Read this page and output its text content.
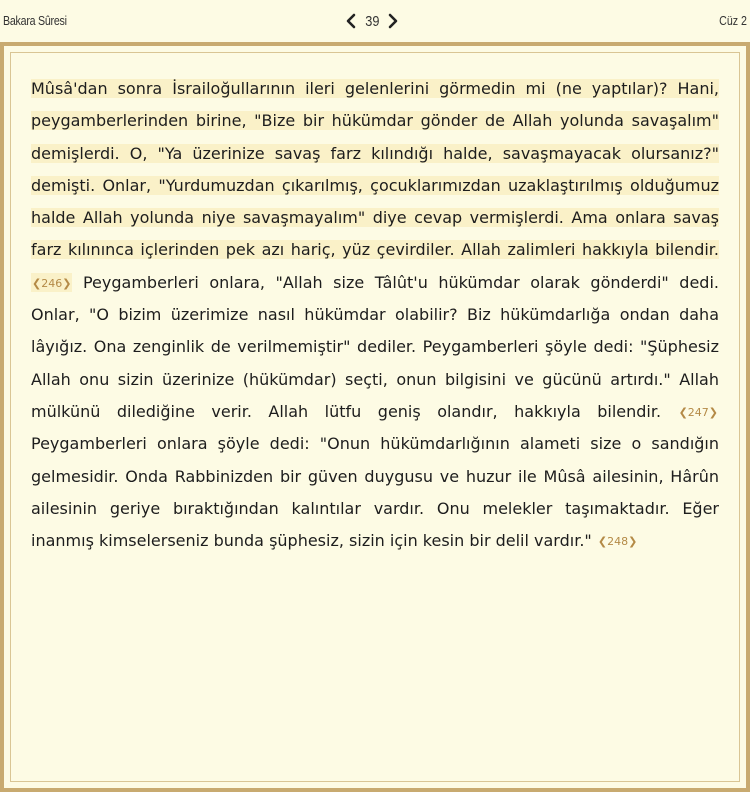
Bakara Sûresi	39	Cüz 2
Mûsâ'dan sonra İsrailoğullarının ileri gelenlerini görmedin mi (ne yaptılar)? Hani, peygamberlerinden birine, "Bize bir hükümdar gönder de Allah yolunda savaşalım" demişlerdi. O, "Ya üzerinize savaş farz kılındığı halde, savaşmayacak olursanız?" demişti. Onlar, "Yurdumuzdan çıkarılmış, çocuklarımızdan uzaklaştırılmış olduğumuz halde Allah yolunda niye savaşmayalım" diye cevap vermişlerdi. Ama onlara savaş farz kılınınca içlerinden pek azı hariç, yüz çevirdiler. Allah zalimleri hakkıyla bilendir. ❮246❯ Peygamberleri onlara, "Allah size Tâlût'u hükümdar olarak gönderdi" dedi. Onlar, "O bizim üzerimize nasıl hükümdar olabilir? Biz hükümdarlığa ondan daha lâyığız. Ona zenginlik de verilmemiştir" dediler. Peygamberleri şöyle dedi: "Şüphesiz Allah onu sizin üzerinize (hükümdar) seçti, onun bilgisini ve gücünü artırdı." Allah mülkünü dilediğine verir. Allah lütfu geniş olandır, hakkıyla bilendir. ❮247❯ Peygamberleri onlara şöyle dedi: "Onun hükümdarlığının alameti size o sandığın gelmesidir. Onda Rabbinizden bir güven duygusu ve huzur ile Mûsâ ailesinin, Hârûn ailesinin geriye bıraktığından kalıntılar vardır. Onu melekler taşımaktadır. Eğer inanmış kimselerseniz bunda şüphesiz, sizin için kesin bir delil vardır." ❮248❯
